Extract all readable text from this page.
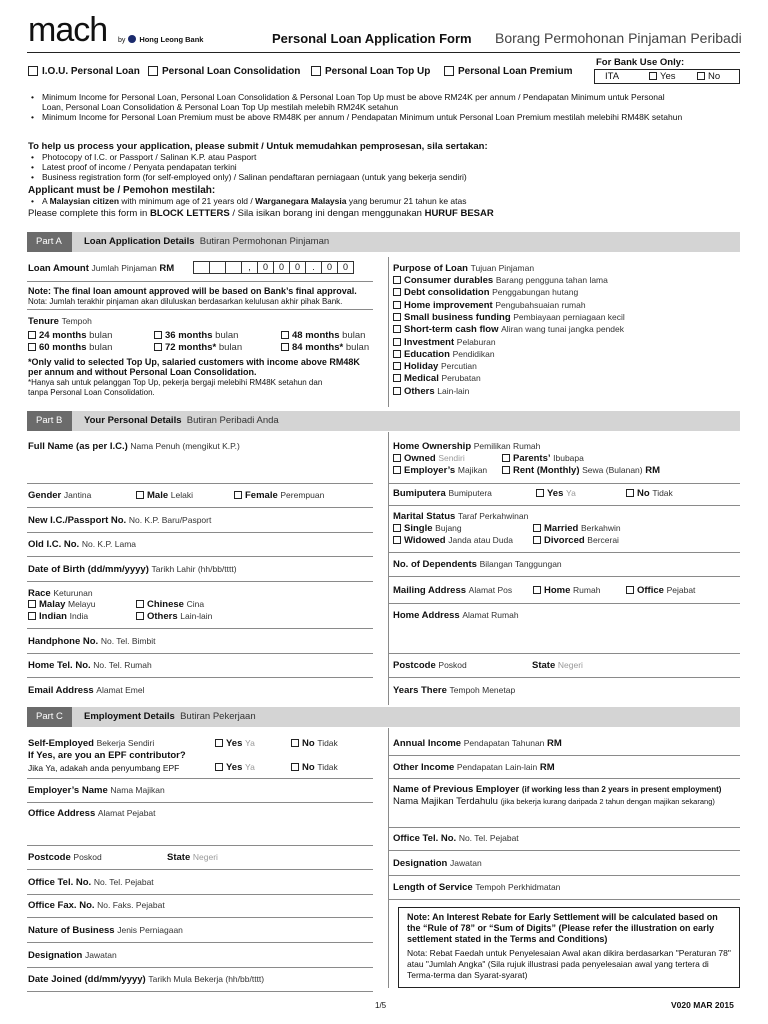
mach by Hong Leong Bank	Personal Loan Application Form Borang Permohonan Pinjaman Peribadi
I.O.U. Personal Loan	Personal Loan Consolidation	Personal Loan Top Up	Personal Loan Premium
For Bank Use Only:
ITA	Yes	No
• Minimum Income for Personal Loan, Personal Loan Consolidation & Personal Loan Top Up must be above RM24K per annum / Pendapatan Minimum untuk Personal
Loan, Personal Loan Consolidation & Personal Loan Top Up mestilah melebih RM24K setahun
• Minimum Income for Personal Loan Premium must be above RM48K per annum / Pendapatan Minimum untuk Personal Loan Premium mestilah melebihi RM48K setahun
To help us process your application, please submit / Untuk memudahkan pemprosesan, sila sertakan:
• Photocopy of I.C. or Passport / Salinan K.P. atau Pasport
• Latest proof of income / Penyata pendapatan terkini
• Business registration form (for self-employed only) / Salinan pendaftaran perniagaan (untuk yang bekerja sendiri)
Applicant must be / Pemohon mestilah:
• A Malaysian citizen with minimum age of 21 years old / Warganegara Malaysia yang berumur 21 tahun ke atas
Please complete this form in BLOCK LETTERS / Sila isikan borang ini dengan menggunakan HURUF BESAR
Part A	Loan Application Details Butiran Permohonan Pinjaman
Loan Amount Jumlah Pinjaman RM	, 0 0 0 . 0 0
Note: The final loan amount approved will be based on Bank’s final approval.
Nota: Jumlah terakhir pinjaman akan diluluskan berdasarkan kelulusan akhir pihak Bank.
Tenure Tempoh
24 months bulan	36 months bulan	48 months bulan
60 months bulan	72 months* bulan	84 months* bulan
*Only valid to selected Top Up, salaried customers with income above RM48K
per annum and without Personal Loan Consolidation.
*Hanya sah untuk pelanggan Top Up, pekerja bergaji melebihi RM48K setahun dan
tanpa Personal Loan Consolidation.
Purpose of Loan Tujuan Pinjaman
Consumer durables Barang pengguna tahan lama
Debt consolidation Penggabungan hutang
Home improvement Pengubahsuaian rumah
Small business funding Pembiayaan perniagaan kecil
Short-term cash flow Aliran wang tunai jangka pendek
Investment Pelaburan
Education Pendidikan
Holiday Percutian
Medical Perubatan
Others Lain-lain
Part B	Your Personal Details Butiran Peribadi Anda
Full Name (as per I.C.) Nama Penuh (mengikut K.P.)
Gender Jantina	Male Lelaki	Female Perempuan
New I.C./Passport No. No. K.P. Baru/Pasport
Old I.C. No. No. K.P. Lama
Date of Birth (dd/mm/yyyy) Tarikh Lahir (hh/bb/tttt)
Race Keturunan
Malay Melayu	Chinese Cina
Indian India	Others Lain-lain
Handphone No. No. Tel. Bimbit
Home Tel. No. No. Tel. Rumah
Email Address Alamat Emel
Home Ownership Pemilikan Rumah
Owned Sendiri	Parents’ Ibubapa
Employer’s Majikan	Rent (Monthly) Sewa (Bulanan) RM
Bumiputera Bumiputera	Yes Ya	No Tidak
Marital Status Taraf Perkahwinan
Single Bujang	Married Berkahwin
Widowed Janda atau Duda	Divorced Bercerai
No. of Dependents Bilangan Tanggungan
Mailing Address Alamat Pos	Home Rumah	Office Pejabat
Home Address Alamat Rumah
Postcode Poskod	State Negeri
Years There Tempoh Menetap
Part C	Employment Details Butiran Pekerjaan
Self-Employed Bekerja Sendiri	Yes Ya	No Tidak
If Yes, are you an EPF contributor?
Jika Ya, adakah anda penyumbang EPF	Yes Ya	No Tidak
Employer’s Name Nama Majikan
Office Address Alamat Pejabat
Postcode Poskod	State Negeri
Office Tel. No. No. Tel. Pejabat
Office Fax. No. No. Faks. Pejabat
Nature of Business Jenis Perniagaan
Designation Jawatan
Date Joined (dd/mm/yyyy) Tarikh Mula Bekerja (hh/bb/tttt)
Annual Income Pendapatan Tahunan RM
Other Income Pendapatan Lain-lain RM
Name of Previous Employer (if working less than 2 years in present employment)
Nama Majikan Terdahulu (jika bekerja kurang daripada 2 tahun dengan majikan sekarang)
Office Tel. No. No. Tel. Pejabat
Designation Jawatan
Length of Service Tempoh Perkhidmatan
Note: An Interest Rebate for Early Settlement will be calculated based on the “Rule of 78” or “Sum of Digits” (Please refer the illustration on early settlement stated in the Terms and Conditions)
Nota: Rebat Faedah untuk Penyelesaian Awal akan dikira berdasarkan "Peraturan 78" atau "Jumlah Angka" (Sila rujuk illustrasi pada penyelesaian awal yang tertera di Terma-terma dan Syarat-syarat)
1/5	V020 MAR 2015
